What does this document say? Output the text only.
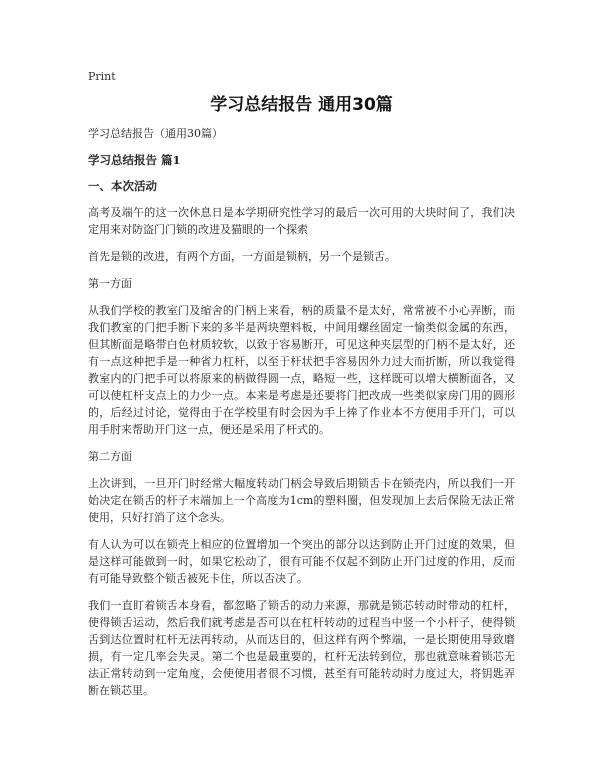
Print
学习总结报告 通用30篇

学习总结报告（通用30篇）

学习总结报告 篇1
一、本次活动

高考及端午的这一次休息日是本学期研究性学习的最后一次可用的大块时间了，我们决定用来对防盗门门锁的改进及猫眼的一个探索

首先是锁的改进，有两个方面，一方面是锁柄，另一个是锁舌。

第一方面

从我们学校的教室门及缩舍的门柄上来看，柄的质量不是太好，常常被不小心弄断，而我们教室的门把手断下来的多半是两块塑料板，中间用螺丝固定一愉类似金属的东西，但其断面是略带白色材质较软，以致于容易断开，可见这种夹层型的门柄不是太好，还有一点这种把手是一种省力杠杆，以至于杆状把手容易因外力过大而折断，所以我觉得教室内的门把手可以将原来的柄做得圆一点，略短一些，这样既可以增大横断面各，又可以使杠杆支点上的力少一点。本来是考虑是还要将门把改成一些类似家房门用的圆形的，后经过讨论，觉得由于在学校里有时会因为手上捧了作业本不方便用手开门，可以用手肘来帮助开门这一点，便还是采用了杆式的。

第二方面

上次讲到，一旦开门时经常大幅度转动门柄会导致后期锁舌卡在锁壳内，所以我们一开始决定在锁舌的杆子末端加上一个高度为1cm的塑料圈，但发现加上去后保险无法正常使用，只好打消了这个念头。

有人认为可以在锁壳上相应的位置增加一个突出的部分以达到防止开门过度的效果，但是这样可能做到一时，如果它松动了，很有可能不仅起不到防止开门过度的作用，反而有可能导致整个锁舌被死卡住，所以否决了。

我们一直盯着锁舌本身看，都忽略了锁舌的动力来源，那就是锁芯转动时带动的杠杆，使得锁舌运动，然后我们就考虑是否可以在杠杆转动的过程当中竖一个小杆子，使得锁舌到达位置时杠杆无法再转动，从而达目的，但这样有两个弊端，一是长期使用导致磨损，有一定几率会失灵。第二个也是最重要的，杠杆无法转到位，那也就意味着锁芯无法正常转动到一定角度，会使使用者很不习惯，甚至有可能转动时力度过大，将钥匙弄断在锁芯里。
